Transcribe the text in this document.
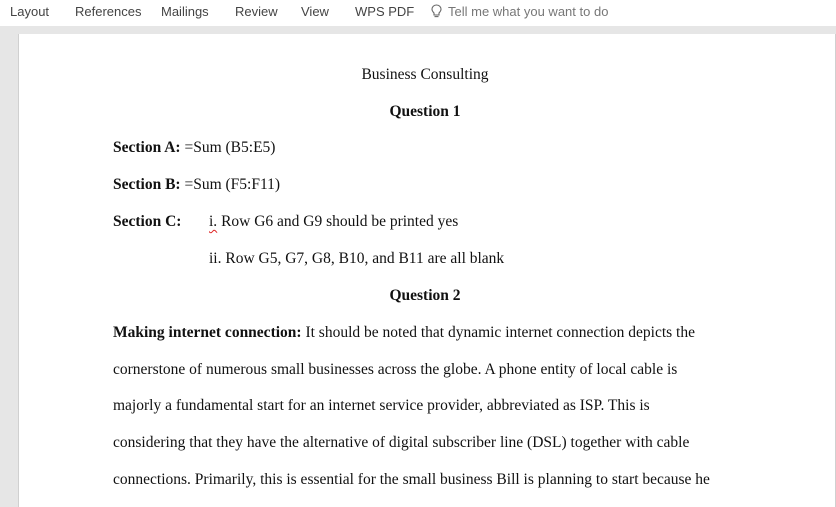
Layout References Mailings Review View WPS PDF	Tell me what you want to do
Business Consulting
Question 1
Section A: =Sum (B5:E5)
Section B: =Sum (F5:F11)
Section C: i. Row G6 and G9 should be printed yes
ii. Row G5, G7, G8, B10, and B11 are all blank
Question 2
Making internet connection: It should be noted that dynamic internet connection depicts the
cornerstone of numerous small businesses across the globe. A phone entity of local cable is
majorly a fundamental start for an internet service provider, abbreviated as ISP. This is
considering that they have the alternative of digital subscriber line (DSL) together with cable
connections. Primarily, this is essential for the small business Bill is planning to start because he
